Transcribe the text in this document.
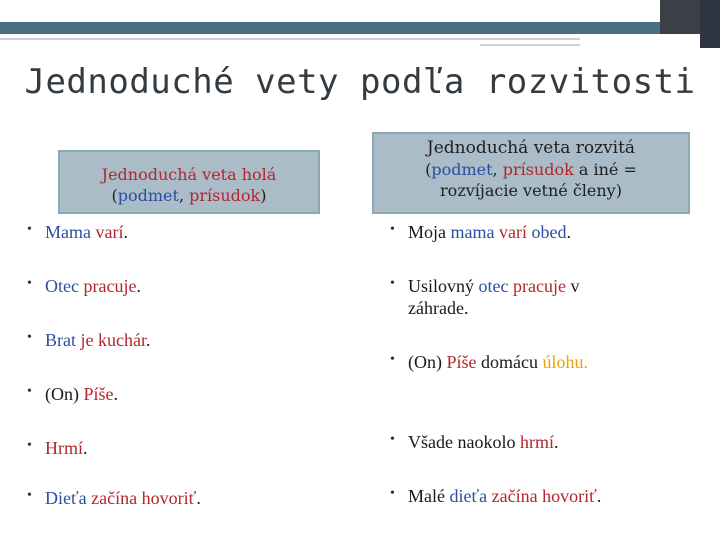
Jednoduché vety podľa rozvitosti
Jednoduchá veta holá
(podmet, prísudok)
Jednoduchá veta rozvitá
(podmet, prísudok a iné =
rozvíjacie vetné členy)
• Mama varí.
• Otec pracuje.
• Brat je kuchár.
• (On) Píše.
• Hrmí.
• Dieťa začína hovoriť.
• Moja mama varí obed.
• Usilovný otec pracuje v
záhrade.
• (On) Píše domácu úlohu.
• Všade naokolo hrmí.
• Malé dieťa začína hovoriť.
